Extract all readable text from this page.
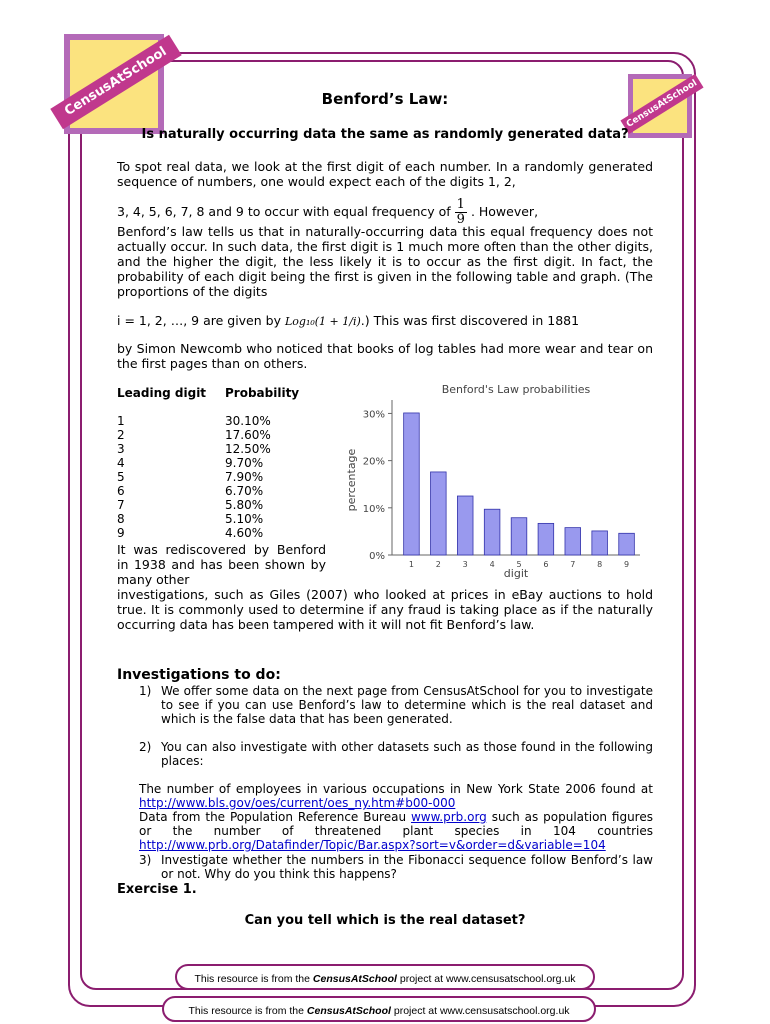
CensusAtSchool	CensusAtSchool
Benford’s Law:
Is naturally occurring data the same as randomly generated data?
To spot real data, we look at the first digit of each number. In a randomly generated sequence of numbers, one would expect each of the digits 1, 2,
3, 4, 5, 6, 7, 8 and 9 to occur with equal frequency of $\frac{1}{9}$ . However,
Benford’s law tells us that in naturally-occurring data this equal frequency does not actually occur. In such data, the first digit is 1 much more often than the other digits, and the higher the digit, the less likely it is to occur as the first digit. In fact, the probability of each digit being the first is given in the following table and graph. (The proportions of the digits
i = 1, 2, …, 9 are given by Log₁₀(1 + 1/i).) This was first discovered in 1881
by Simon Newcomb who noticed that books of log tables had more wear and tear on the first pages than on others.
Leading digit	Probability
1	30.10%
2	17.60%
3	12.50%
4	9.70%
5	7.90%
6	6.70%
7	5.80%
8	5.10%
9	4.60%
Benford's Law probabilities
0%
10%
20%
30%
1	2	3	4	5	6	7	8	9
digit
percentage
It was rediscovered by Benford in 1938 and has been shown by many other
investigations, such as Giles (2007) who looked at prices in eBay auctions to hold true. It is commonly used to determine if any fraud is taking place as if the naturally occurring data has been tampered with it will not fit Benford’s law.
Investigations to do:
1) We offer some data on the next page from CensusAtSchool for you to investigate to see if you can use Benford’s law to determine which is the real dataset and which is the false data that has been generated.
2) You can also investigate with other datasets such as those found in the following places:
The number of employees in various occupations in New York State 2006 found at http://www.bls.gov/oes/current/oes_ny.htm#b00-000
Data from the Population Reference Bureau www.prb.org such as population figures or the number of threatened plant species in 104 countries http://www.prb.org/Datafinder/Topic/Bar.aspx?sort=v&order=d&variable=104
3) Investigate whether the numbers in the Fibonacci sequence follow Benford’s law or not. Why do you think this happens?
Exercise 1.
Can you tell which is the real dataset?
This resource is from the CensusAtSchool project at www.censusatschool.org.uk
This resource is from the CensusAtSchool project at www.censusatschool.org.uk
